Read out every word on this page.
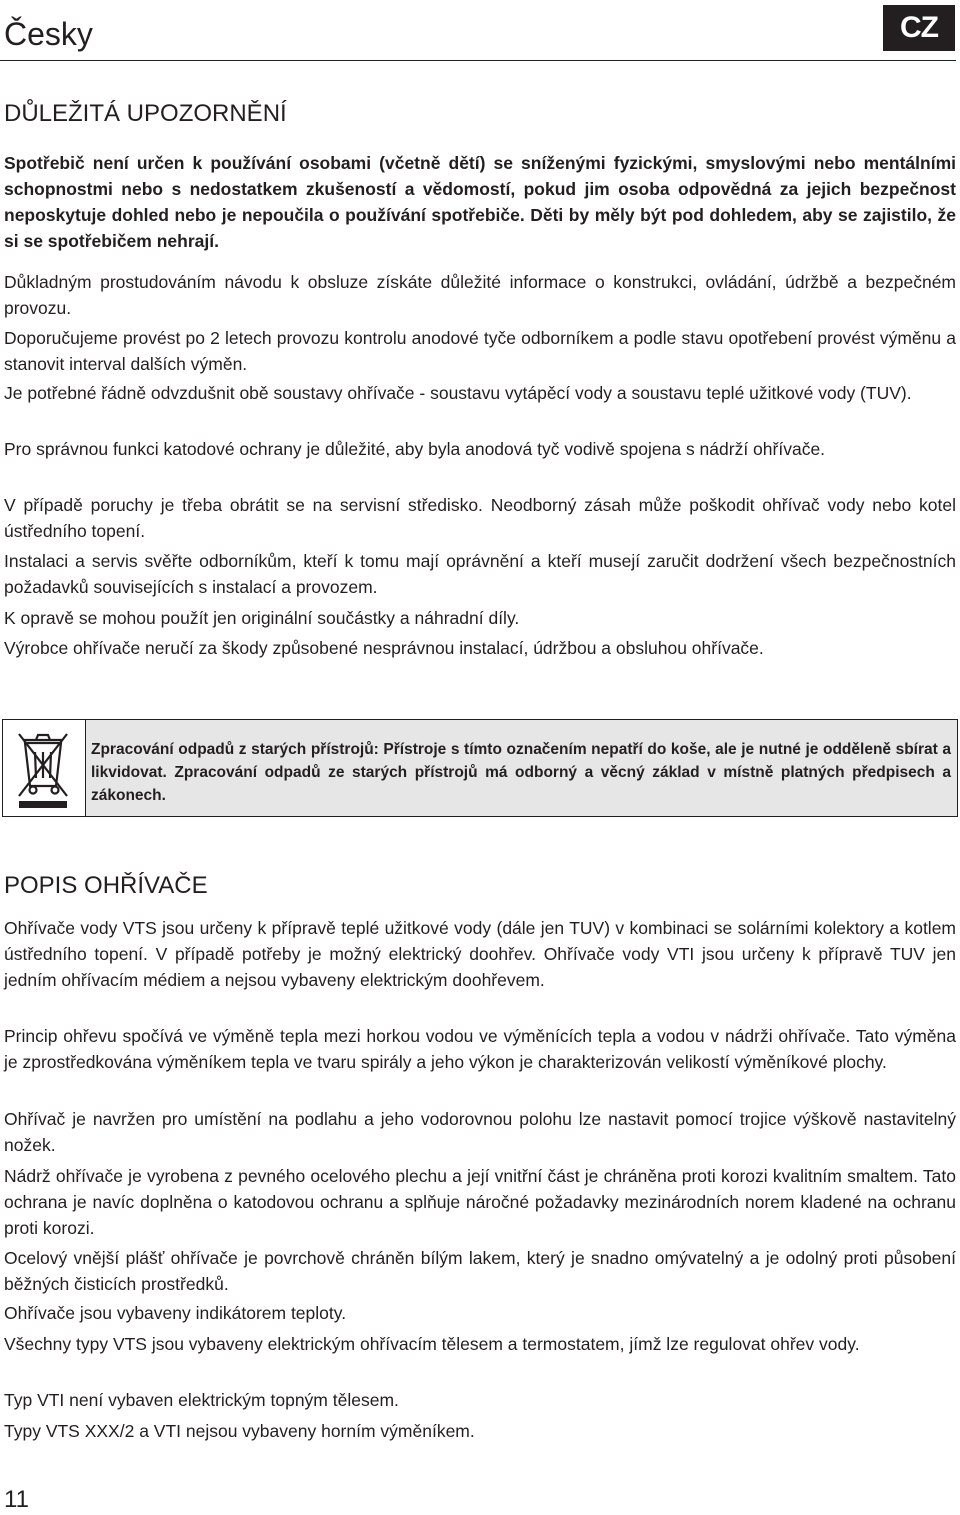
Česky	CZ
DŮLEŽITÁ UPOZORNĚNÍ

Spotřebič není určen k používání osobami (včetně dětí) se sníženými fyzickými, smyslovými nebo mentálními schopnostmi nebo s nedostatkem zkušeností a vědomostí, pokud jim osoba odpovědná za jejich bezpečnost neposkytuje dohled nebo je nepoučila o používání spotřebiče. Děti by měly být pod dohledem, aby se zajistilo, že si se spotřebičem nehrají.

Důkladným prostudováním návodu k obsluze získáte důležité informace o konstrukci, ovládání, údržbě a bezpečném provozu.

Doporučujeme provést po 2 letech provozu kontrolu anodové tyče odborníkem a podle stavu opotřebení provést výměnu a stanovit interval dalších výměn.

Je potřebné řádně odvzdušnit obě soustavy ohřívače - soustavu vytápěcí vody a soustavu teplé užitkové vody (TUV).

Pro správnou funkci katodové ochrany je důležité, aby byla anodová tyč vodivě spojena s nádrží ohřívače.

V případě poruchy je třeba obrátit se na servisní středisko. Neodborný zásah může poškodit ohřívač vody nebo kotel ústředního topení.

Instalaci a servis svěřte odborníkům, kteří k tomu mají oprávnění a kteří musejí zaručit dodržení všech bezpečnostních požadavků souvisejících s instalací a provozem.

K opravě se mohou použít jen originální součástky a náhradní díly.

Výrobce ohřívače neručí za škody způsobené nesprávnou instalací, údržbou a obsluhou ohřívače.

Zpracování odpadů z starých přístrojů: Přístroje s tímto označením nepatří do koše, ale je nutné je odděleně sbírat a likvidovat. Zpracování odpadů ze starých přístrojů má odborný a věcný základ v místně platných předpisech a zákonech.

POPIS OHŘÍVAČE

Ohřívače vody VTS jsou určeny k přípravě teplé užitkové vody (dále jen TUV) v kombinaci se solárními kolektory a kotlem ústředního topení. V případě potřeby je možný elektrický doohřev. Ohřívače vody VTI jsou určeny k přípravě TUV jen jedním ohřívacím médiem a nejsou vybaveny elektrickým doohřevem.

Princip ohřevu spočívá ve výměně tepla mezi horkou vodou ve výměnících tepla a vodou v nádrži ohřívače. Tato výměna je zprostředkována výměníkem tepla ve tvaru spirály a jeho výkon je charakterizován velikostí výměníkové plochy.

Ohřívač je navržen pro umístění na podlahu a jeho vodorovnou polohu lze nastavit pomocí trojice výškově nastavitelný nožek.

Nádrž ohřívače je vyrobena z pevného ocelového plechu a její vnitřní část je chráněna proti korozi kvalitním smaltem. Tato ochrana je navíc doplněna o katodovou ochranu a splňuje náročné požadavky mezinárodních norem kladené na ochranu proti korozi.

Ocelový vnější plášť ohřívače je povrchově chráněn bílým lakem, který je snadno omývatelný a je odolný proti působení běžných čisticích prostředků.

Ohřívače jsou vybaveny indikátorem teploty.

Všechny typy VTS jsou vybaveny elektrickým ohřívacím tělesem a termostatem, jímž lze regulovat ohřev vody.

Typ VTI není vybaven elektrickým topným tělesem.

Typy VTS XXX/2 a VTI nejsou vybaveny horním výměníkem.

11
